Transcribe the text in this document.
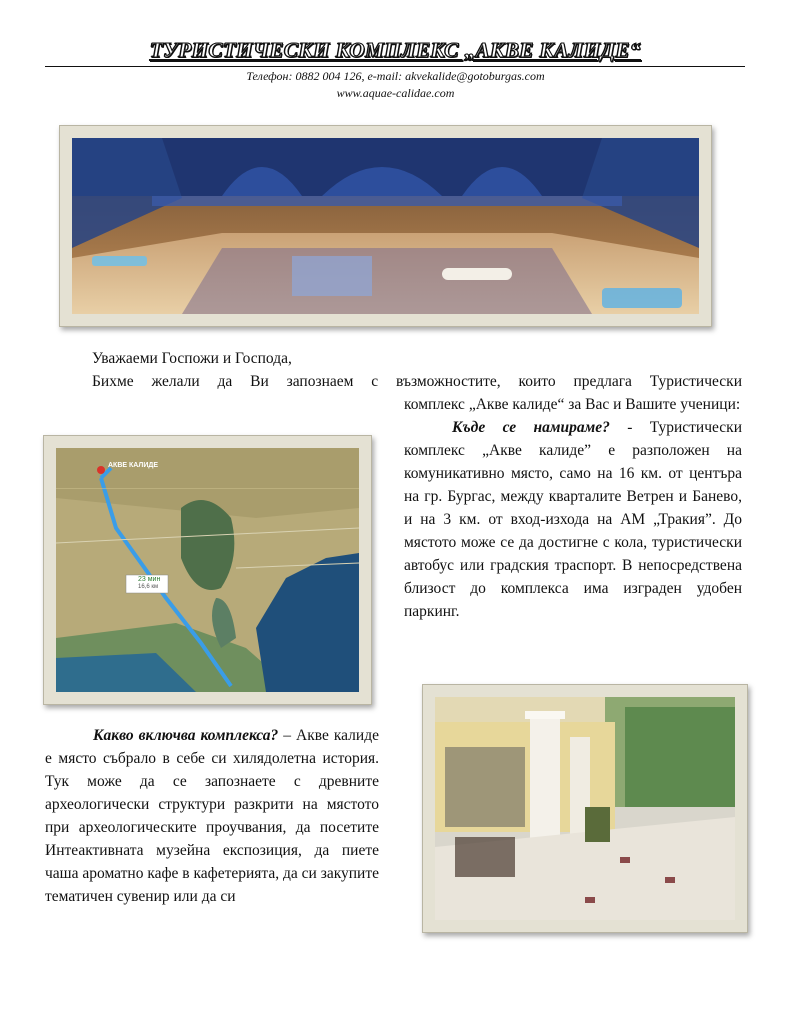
ТУРИСТИЧЕСКИ КОМПЛЕКС „АКВЕ КАЛИДЕ“
Телефон: 0882 004 126, e-mail: akvekalide@gotoburgas.com
www.aquae-calidae.com
Уважаеми Госпожи и Господа,
Бихме желали да Ви запознаем с възможностите, които предлага Туристически

комплекс „Акве калиде“ за Вас и Вашите ученици:

Къде се намираме? - Туристически комплекс „Акве калиде” е разположен на комуникативно място, само на 16 км. от центъра на гр. Бургас, между кварталите Ветрен и Банево, и на 3 км. от вход-изхода на АМ „Тракия”. До мястото може се да достигне с кола, туристически автобус или градския траспорт. В непосредствена близост до комплекса има изграден удобен паркинг.

АКВЕ КАЛИДЕ
23 мин
16,6 км

Какво включва комплекса? – Акве калиде е място събрало в себе си хилядолетна история. Тук може да се запознаете с древните археологически структури разкрити на мястото при археологическите проучвания, да посетите Интеактивната музейна експозиция, да пиете чаша ароматно кафе в кафетерията, да си закупите тематичен сувенир или да си
